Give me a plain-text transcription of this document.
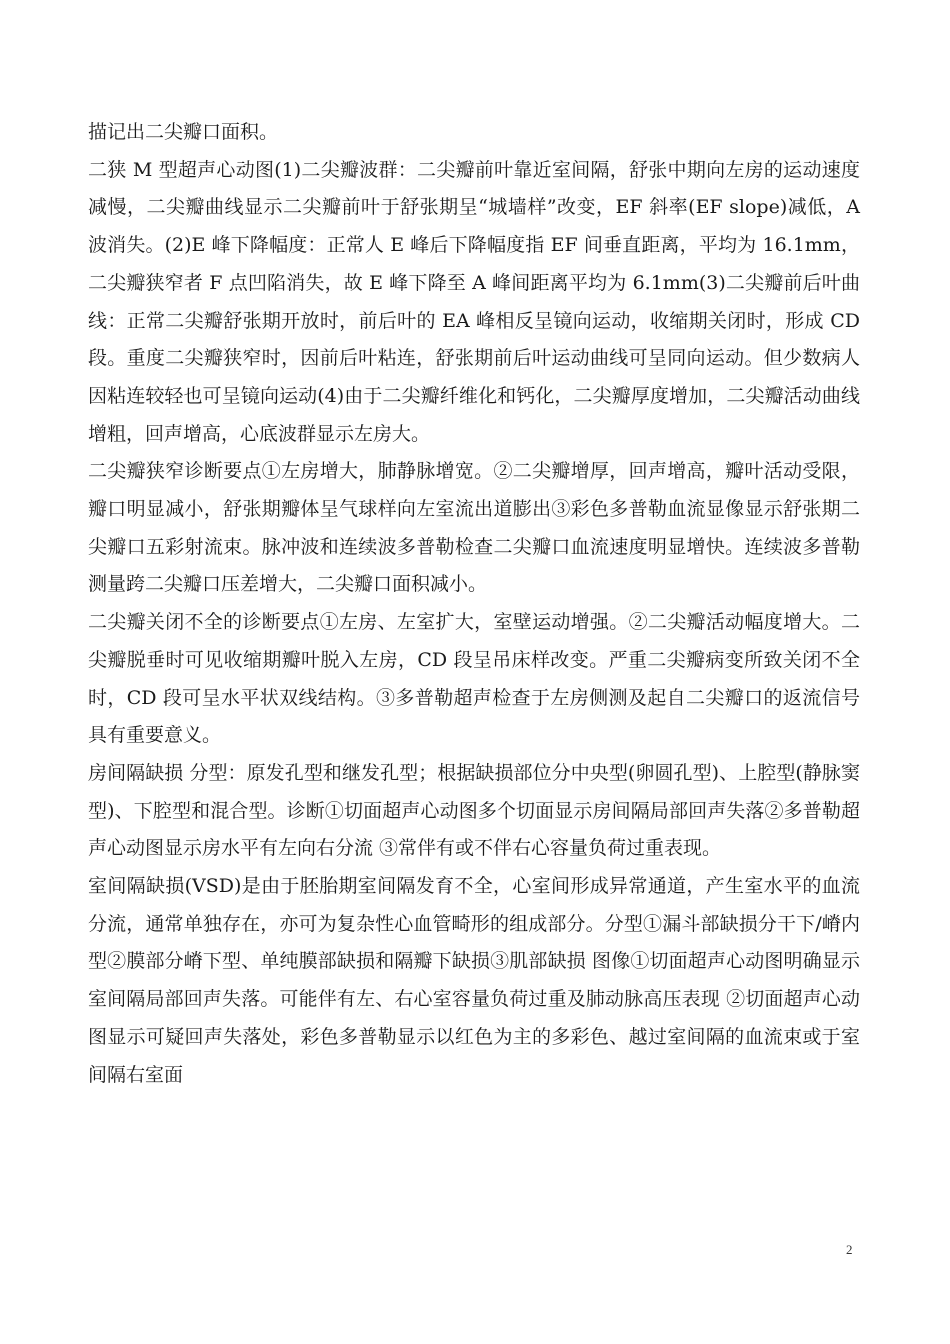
描记出二尖瓣口面积。

二狭 M 型超声心动图(1)二尖瓣波群：二尖瓣前叶靠近室间隔，舒张中期向左房的运动速度减慢，二尖瓣曲线显示二尖瓣前叶于舒张期呈“城墙样”改变，EF 斜率(EF slope)减低，A 波消失。(2)E 峰下降幅度：正常人 E 峰后下降幅度指 EF 间垂直距离，平均为 16.1mm，二尖瓣狭窄者 F 点凹陷消失，故 E 峰下降至 A 峰间距离平均为 6.1mm(3)二尖瓣前后叶曲线：正常二尖瓣舒张期开放时，前后叶的 EA 峰相反呈镜向运动，收缩期关闭时，形成 CD 段。重度二尖瓣狭窄时，因前后叶粘连，舒张期前后叶运动曲线可呈同向运动。但少数病人因粘连较轻也可呈镜向运动(4)由于二尖瓣纤维化和钙化，二尖瓣厚度增加，二尖瓣活动曲线增粗，回声增高，心底波群显示左房大。

二尖瓣狭窄诊断要点①左房增大，肺静脉增宽。②二尖瓣增厚，回声增高，瓣叶活动受限，瓣口明显减小，舒张期瓣体呈气球样向左室流出道膨出③彩色多普勒血流显像显示舒张期二尖瓣口五彩射流束。脉冲波和连续波多普勒检查二尖瓣口血流速度明显增快。连续波多普勒测量跨二尖瓣口压差增大，二尖瓣口面积减小。

二尖瓣关闭不全的诊断要点①左房、左室扩大，室壁运动增强。②二尖瓣活动幅度增大。二尖瓣脱垂时可见收缩期瓣叶脱入左房，CD 段呈吊床样改变。严重二尖瓣病变所致关闭不全时，CD 段可呈水平状双线结构。③多普勒超声检查于左房侧测及起自二尖瓣口的返流信号具有重要意义。

房间隔缺损 分型：原发孔型和继发孔型；根据缺损部位分中央型(卵圆孔型)、上腔型(静脉窦型)、下腔型和混合型。诊断①切面超声心动图多个切面显示房间隔局部回声失落②多普勒超声心动图显示房水平有左向右分流 ③常伴有或不伴右心容量负荷过重表现。

室间隔缺损(VSD)是由于胚胎期室间隔发育不全，心室间形成异常通道，产生室水平的血流分流，通常单独存在，亦可为复杂性心血管畸形的组成部分。分型①漏斗部缺损分干下/嵴内型②膜部分嵴下型、单纯膜部缺损和隔瓣下缺损③肌部缺损 图像①切面超声心动图明确显示室间隔局部回声失落。可能伴有左、右心室容量负荷过重及肺动脉高压表现 ②切面超声心动图显示可疑回声失落处，彩色多普勒显示以红色为主的多彩色、越过室间隔的血流束或于室间隔右室面

2
